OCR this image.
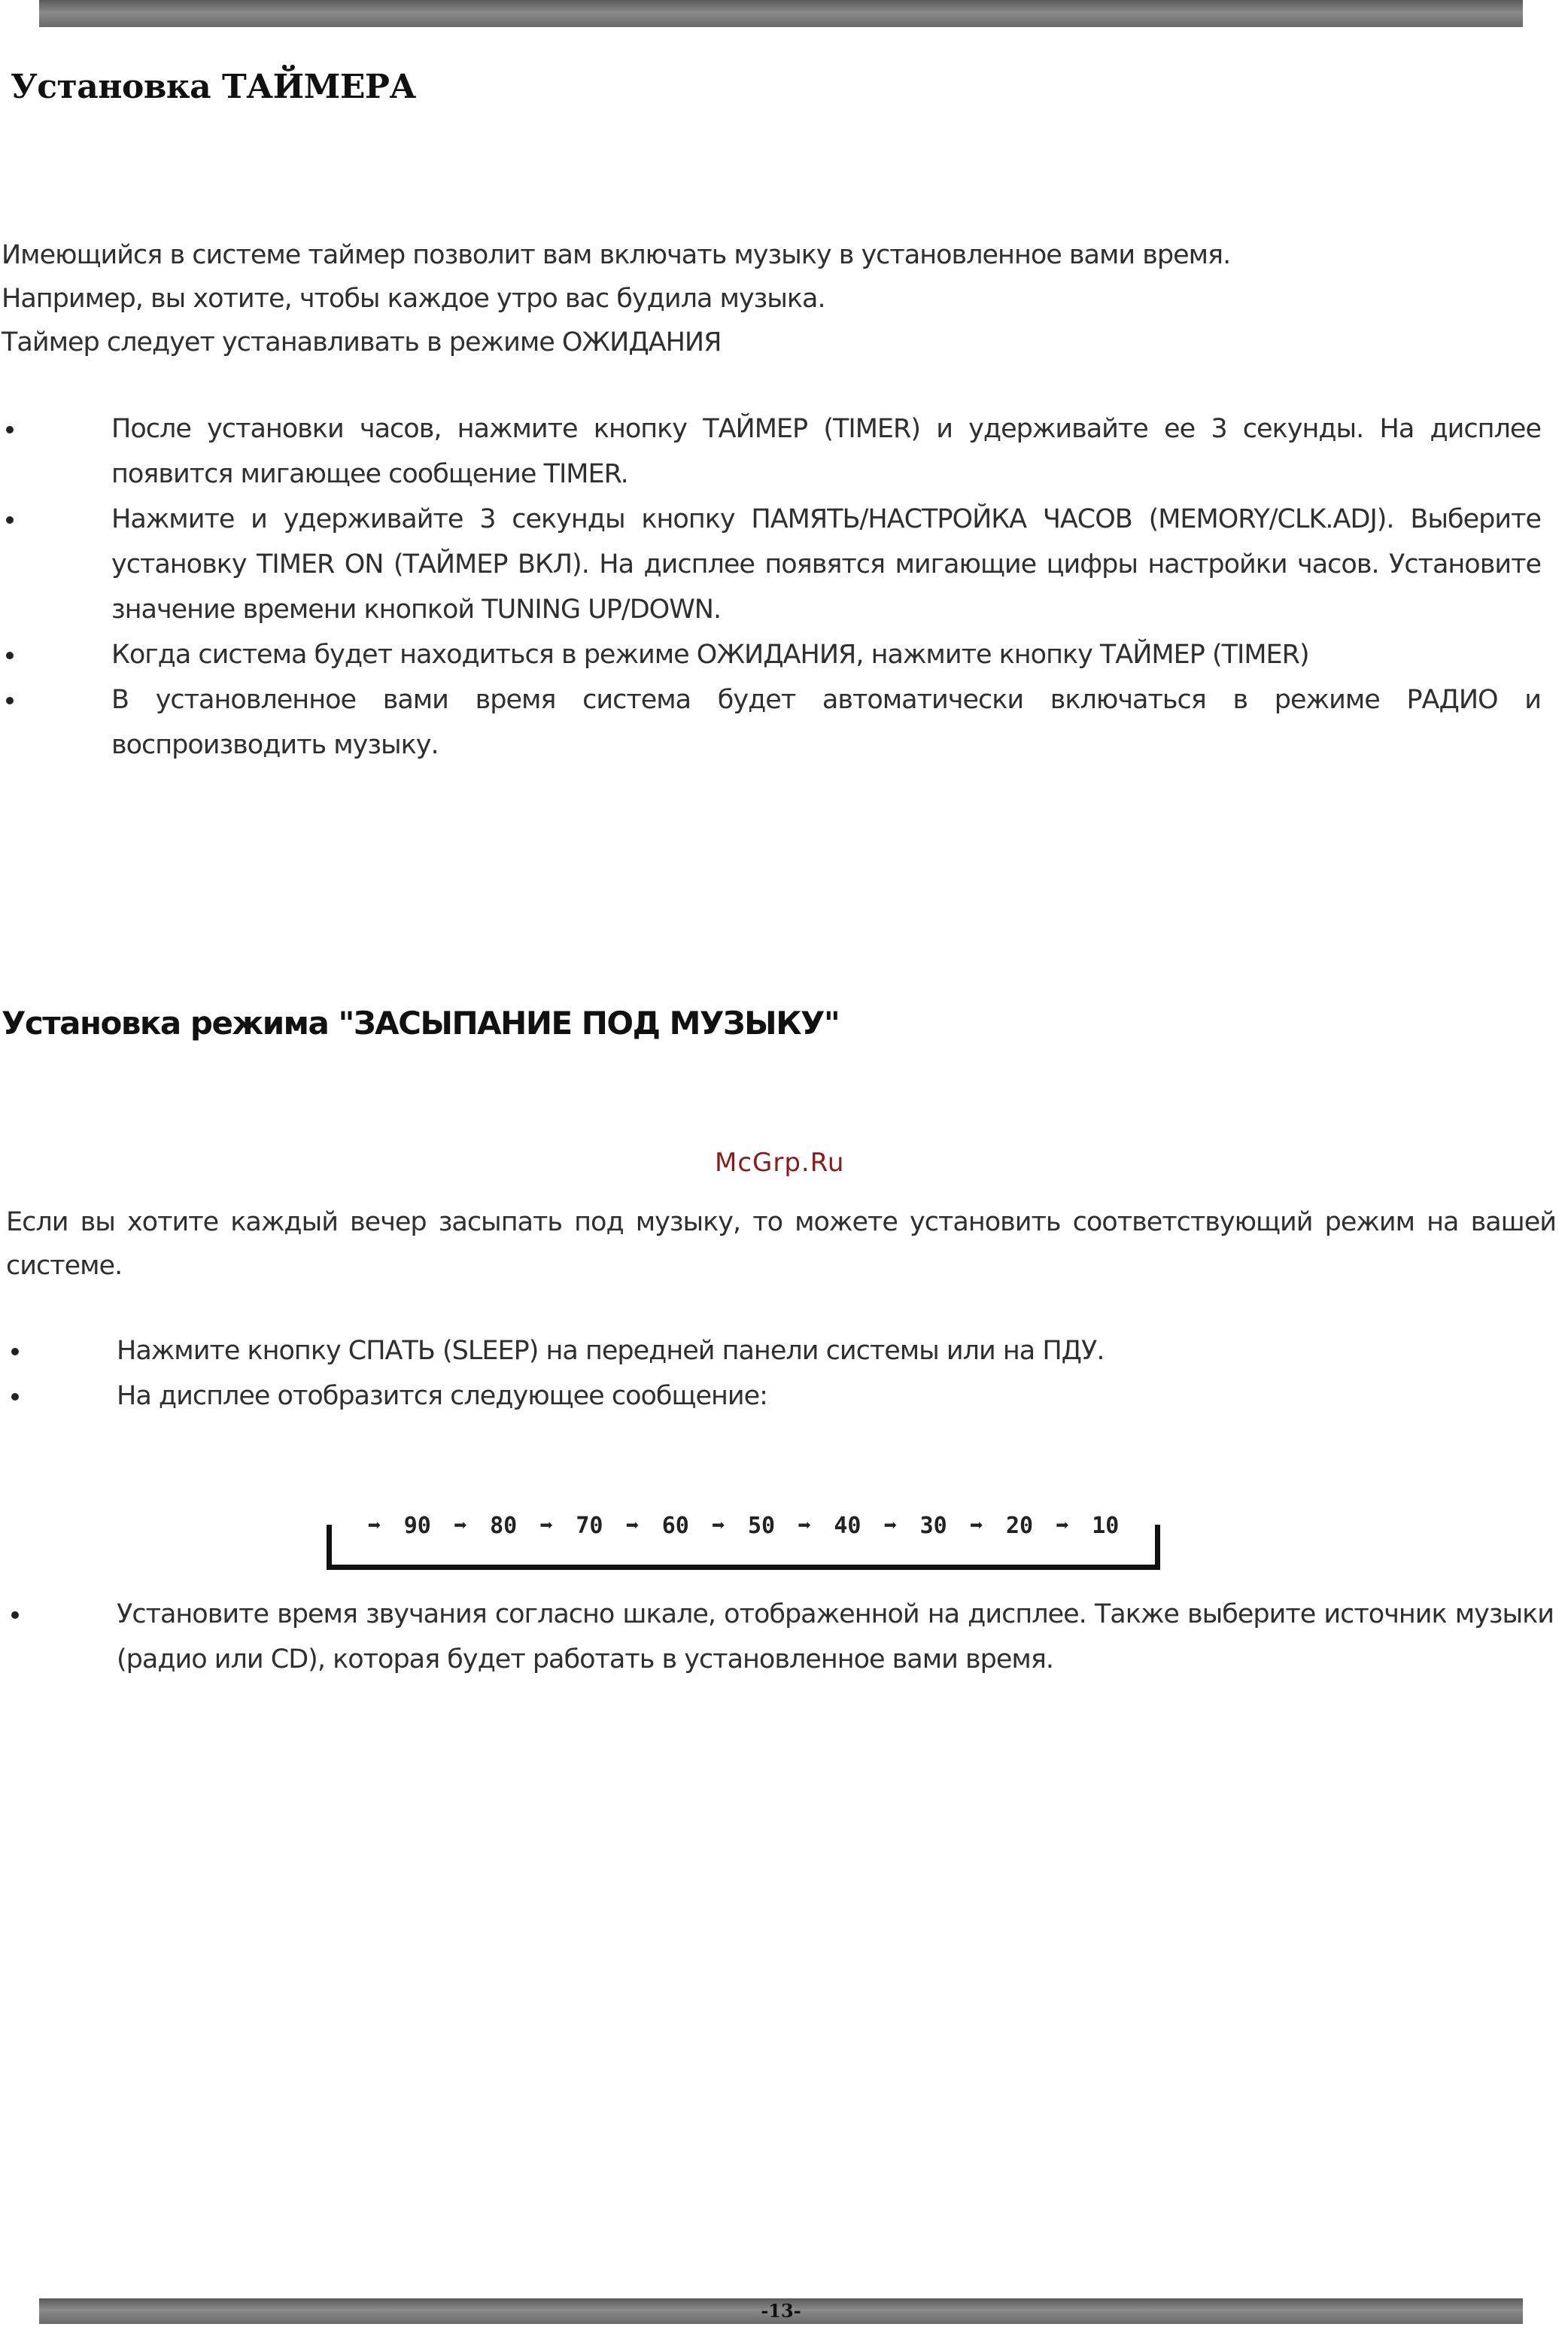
Установка ТАЙМЕРА
Имеющийся в системе таймер позволит вам включать музыку в установленное вами время.
Например, вы хотите, чтобы каждое утро вас будила музыка.
Таймер следует устанавливать в режиме ОЖИДАНИЯ
После установки часов, нажмите кнопку ТАЙМЕР (TIMER) и удерживайте ее 3 секунды. На дисплее появится мигающее сообщение TIMER.
Нажмите и удерживайте 3 секунды кнопку ПАМЯТЬ/НАСТРОЙКА ЧАСОВ (MEMORY/CLK.ADJ). Выберите установку TIMER ON (ТАЙМЕР ВКЛ). На дисплее появятся мигающие цифры настройки часов. Установите значение времени кнопкой TUNING UP/DOWN.
Когда система будет находиться в режиме ОЖИДАНИЯ, нажмите кнопку ТАЙМЕР (TIMER)
В установленное вами время система будет автоматически включаться в режиме РАДИО и воспроизводить музыку.
Установка режима "ЗАСЫПАНИЕ ПОД МУЗЫКУ"
McGrp.Ru
Если вы хотите каждый вечер засыпать под музыку, то можете установить соответствующий режим на вашей системе.
Нажмите кнопку СПАТЬ (SLEEP) на передней панели системы или на ПДУ.
На дисплее отобразится следующее сообщение:
➡ 90 ➡ 80 ➡ 70 ➡ 60 ➡ 50 ➡ 40 ➡ 30 ➡ 20 ➡ 10
Установите время звучания согласно шкале, отображенной на дисплее. Также выберите источник музыки (радио или CD), которая будет работать в установленное вами время.
-13-
